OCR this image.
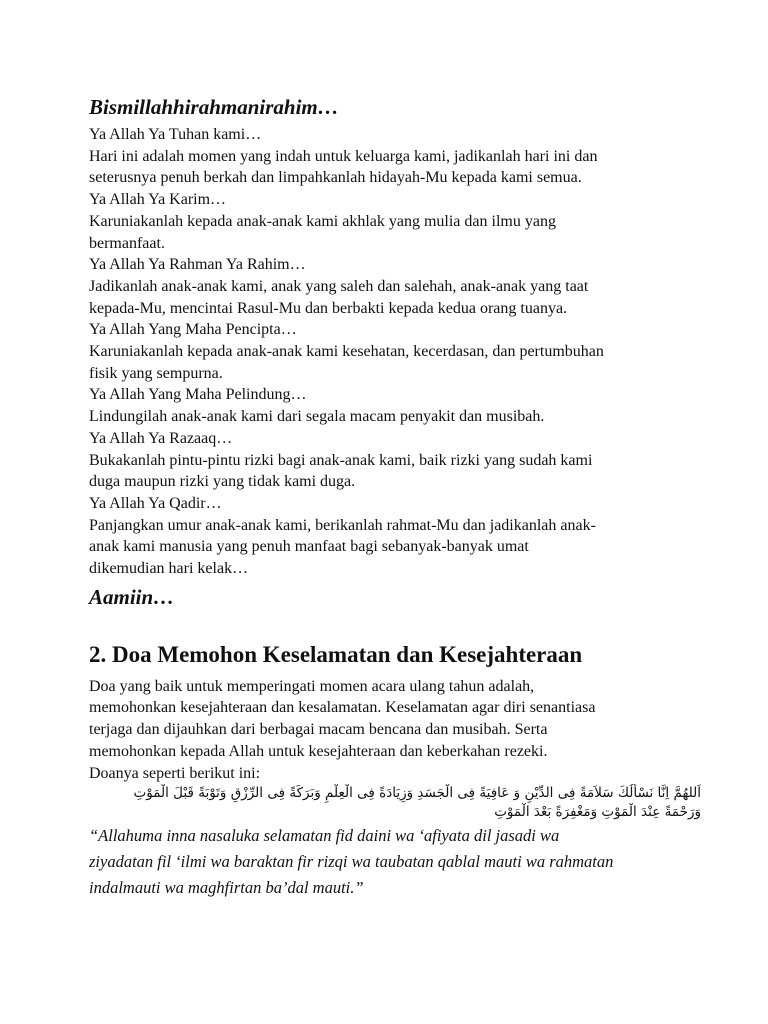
Bismillahhirahmanirahim…

Ya Allah Ya Tuhan kami…

Hari ini adalah momen yang indah untuk keluarga kami, jadikanlah hari ini dan

seterusnya penuh berkah dan limpahkanlah hidayah-Mu kepada kami semua.

Ya Allah Ya Karim…

Karuniakanlah kepada anak-anak kami akhlak yang mulia dan ilmu yang

bermanfaat.

Ya Allah Ya Rahman Ya Rahim…

Jadikanlah anak-anak kami, anak yang saleh dan salehah, anak-anak yang taat

kepada-Mu, mencintai Rasul-Mu dan berbakti kepada kedua orang tuanya.

Ya Allah Yang Maha Pencipta…

Karuniakanlah kepada anak-anak kami kesehatan, kecerdasan, dan pertumbuhan

fisik yang sempurna.

Ya Allah Yang Maha Pelindung…

Lindungilah anak-anak kami dari segala macam penyakit dan musibah.

Ya Allah Ya Razaaq…

Bukakanlah pintu-pintu rizki bagi anak-anak kami, baik rizki yang sudah kami

duga maupun rizki yang tidak kami duga.

Ya Allah Ya Qadir…

Panjangkan umur anak-anak kami, berikanlah rahmat-Mu dan jadikanlah anak-

anak kami manusia yang penuh manfaat bagi sebanyak-banyak umat

dikemudian hari kelak…

Aamiin…

2. Doa Memohon Keselamatan dan Kesejahteraan

Doa yang baik untuk memperingati momen acara ulang tahun adalah,

memohonkan kesejahteraan dan kesalamatan. Keselamatan agar diri senantiasa

terjaga dan dijauhkan dari berbagai macam bencana dan musibah. Serta

memohonkan kepada Allah untuk kesejahteraan dan keberkahan rezeki.

Doanya seperti berikut ini:

اَللهُمَّ اِنَّا نَسْأَلُكَ سَلاَمَةً فِى الدِّيْنِ وَ عَافِيَةً فِى الْجَسَدِ وَزِيَادَةً فِى الْعِلْمِ وَبَرَكَةً فِى الرِّزْقِ وَتَوْبَةً قَبْلَ الْمَوْتِ

وَرَحْمَةً عِنْدَ الْمَوْتِ وَمَغْفِرَةً بَعْدَ الْمَوْتِ

“Allahuma inna nasaluka selamatan fid daini wa ‘afiyata dil jasadi wa

ziyadatan fil ‘ilmi wa baraktan fir rizqi wa taubatan qablal mauti wa rahmatan

indalmauti wa maghfirtan ba’dal mauti.”
